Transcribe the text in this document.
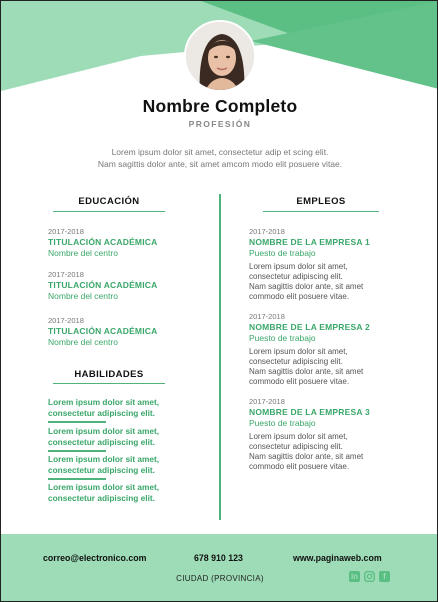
Nombre Completo
PROFESIÓN
Lorem ipsum dolor sit amet, consectetur adip et scing elit.
Nam sagittis dolor ante, sit amet amcom modo elit posuere vitae.
EDUCACIÓN
2017-2018
TITULACIÓN ACADÉMICA
Nombre del centro
2017-2018
TITULACIÓN ACADÉMICA
Nombre del centro
2017-2018
TITULACIÓN ACADÉMICA
Nombre del centro
HABILIDADES
Lorem ipsum dolor sit amet,
consectetur adipiscing elit.
Lorem ipsum dolor sit amet,
consectetur adipiscing elit.
Lorem ipsum dolor sit amet,
consectetur adipiscing elit.
Lorem ipsum dolor sit amet,
consectetur adipiscing elit.
EMPLEOS
2017-2018
NOMBRE DE LA EMPRESA 1
Puesto de trabajo
Lorem ipsum dolor sit amet,
consectetur adipiscing elit.
Nam sagittis dolor ante, sit amet
commodo elit posuere vitae.
2017-2018
NOMBRE DE LA EMPRESA 2
Puesto de trabajo
Lorem ipsum dolor sit amet,
consectetur adipiscing elit.
Nam sagittis dolor ante, sit amet
commodo elit posuere vitae.
2017-2018
NOMBRE DE LA EMPRESA 3
Puesto de trabajo
Lorem ipsum dolor sit amet,
consectetur adipiscing elit.
Nam sagittis dolor ante, sit amet
commodo elit posuere vitae.
correo@electronico.com	678 910 123	www.paginaweb.com
CIUDAD (PROVINCIA)	in	f
